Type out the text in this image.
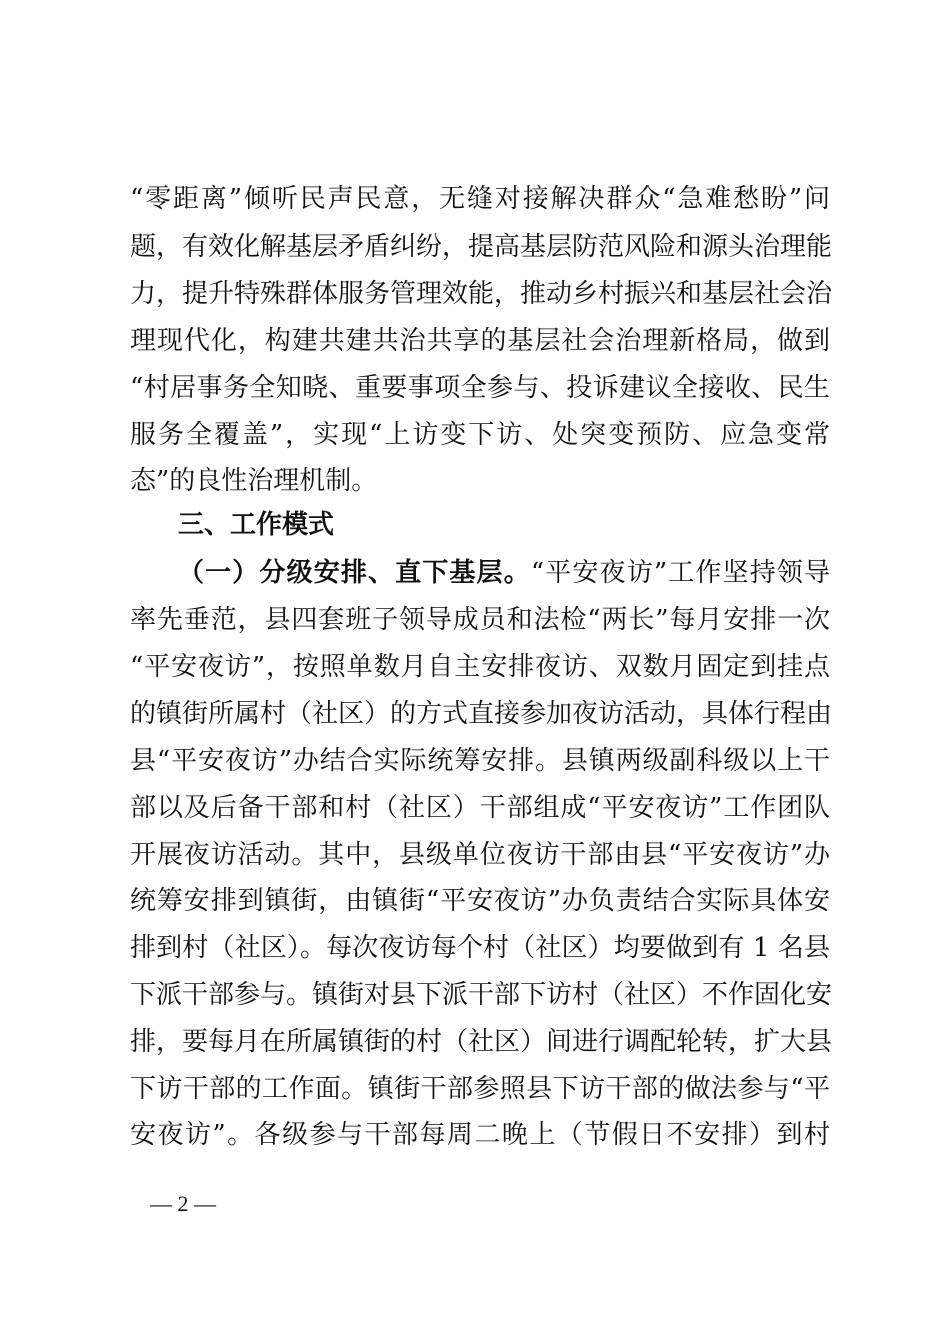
“零距离”倾听民声民意，无缝对接解决群众“急难愁盼”问
题，有效化解基层矛盾纠纷，提高基层防范风险和源头治理能
力，提升特殊群体服务管理效能，推动乡村振兴和基层社会治
理现代化，构建共建共治共享的基层社会治理新格局，做到
“村居事务全知晓、重要事项全参与、投诉建议全接收、民生
服务全覆盖”，实现“上访变下访、处突变预防、应急变常
态”的良性治理机制。
三、工作模式
（一）分级安排、直下基层。“平安夜访”工作坚持领导
率先垂范，县四套班子领导成员和法检“两长”每月安排一次
“平安夜访”，按照单数月自主安排夜访、双数月固定到挂点
的镇街所属村（社区）的方式直接参加夜访活动，具体行程由
县“平安夜访”办结合实际统筹安排。县镇两级副科级以上干
部以及后备干部和村（社区）干部组成“平安夜访”工作团队
开展夜访活动。其中，县级单位夜访干部由县“平安夜访”办
统筹安排到镇街，由镇街“平安夜访”办负责结合实际具体安
排到村（社区）。每次夜访每个村（社区）均要做到有 1 名县
下派干部参与。镇街对县下派干部下访村（社区）不作固化安
排，要每月在所属镇街的村（社区）间进行调配轮转，扩大县
下访干部的工作面。镇街干部参照县下访干部的做法参与“平
安夜访”。各级参与干部每周二晚上（节假日不安排）到村
— 2 —
